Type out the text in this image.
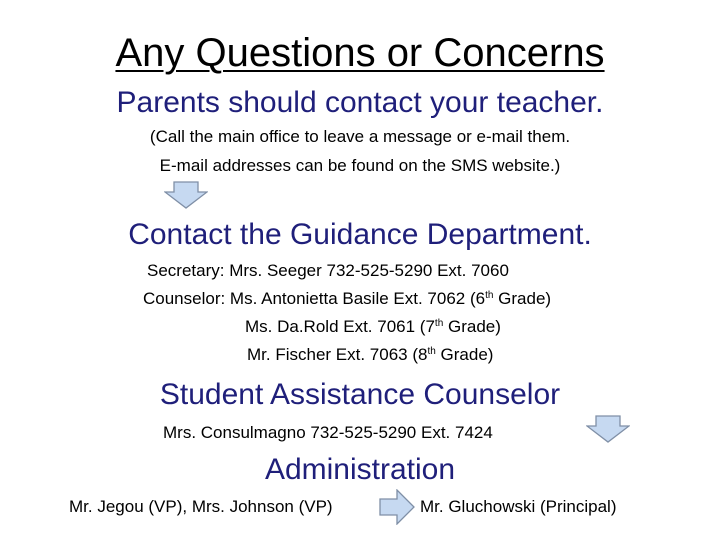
Any Questions or Concerns
Parents should contact your teacher.
(Call the main office to leave a message or e-mail them.
E-mail addresses can be found on the SMS website.)
Contact the Guidance Department.
Secretary: Mrs. Seeger 732-525-5290 Ext. 7060
Counselor: Ms. Antonietta Basile Ext. 7062 (6th Grade)
Ms. Da.Rold Ext. 7061 (7th Grade)
Mr. Fischer Ext. 7063 (8th Grade)
Student Assistance Counselor
Mrs. Consulmagno 732-525-5290 Ext. 7424
Administration
Mr. Jegou (VP), Mrs. Johnson (VP)	Mr. Gluchowski (Principal)
